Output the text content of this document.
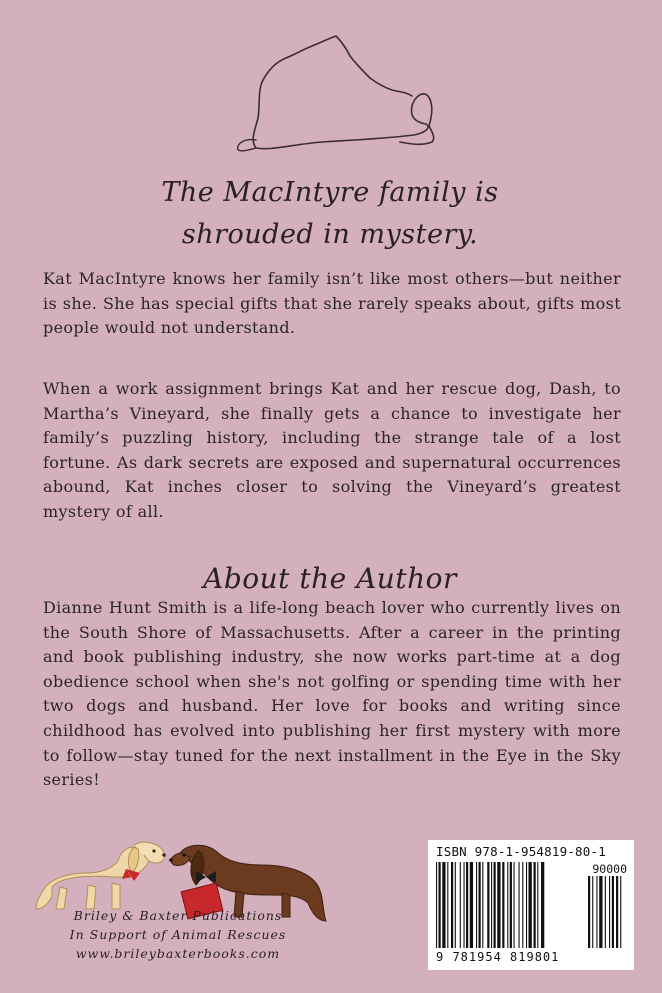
The MacIntyre family is
shrouded in mystery.

Kat MacIntyre knows her family isn’t like most others—but neither is she. She has special gifts that she rarely speaks about, gifts most people would not understand.

When a work assignment brings Kat and her rescue dog, Dash, to Martha’s Vineyard, she finally gets a chance to investigate her family’s puzzling history, including the strange tale of a lost fortune. As dark secrets are exposed and supernatural occurrences abound, Kat inches closer to solving the Vineyard’s greatest mystery of all.

About the Author

Dianne Hunt Smith is a life-long beach lover who currently lives on the South Shore of Massachusetts. After a career in the printing and book publishing industry, she now works part-time at a dog obedience school when she's not golfing or spending time with her two dogs and husband. Her love for books and writing since childhood has evolved into publishing her first mystery with more to follow—stay tuned for the next installment in the Eye in the Sky series!

Briley & Baxter Publications
In Support of Animal Rescues
www.brileybaxterbooks.com
ISBN 978-1-954819-80-1
90000
9 781954 819801
